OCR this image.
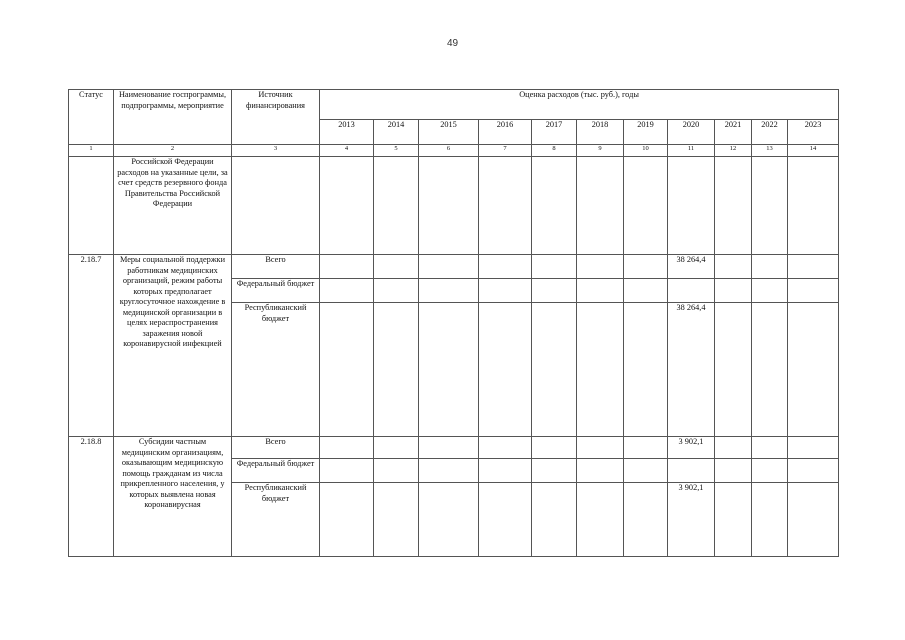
49
Статус	Наименование госпрограммы, подпрограммы, мероприятие	Источник финансирования	Оценка расходов (тыс. руб.), годы										
			2013	2014	2015	2016	2017	2018	2019	2020	2021	2022	2023
1	2	3	4	5	6	7	8	9	10	11	12	13	14
	Российской Федерации расходов на указанные цели, за счет средств резервного фонда Правительства Российской Федерации												
2.18.7	Меры социальной поддержки работникам медицинских организаций, режим работы которых предполагает круглосуточное нахождение в медицинской организации в целях нераспространения заражения новой коронавирусной инфекцией	Всего								38 264,4			
		Федеральный бюджет											
		Республиканский бюджет								38 264,4			
2.18.8	Субсидии частным медицинским организациям, оказывающим медицинскую помощь гражданам из числа прикрепленного населения, у которых выявлена новая коронавирусная	Всего								3 902,1			
		Федеральный бюджет											
		Республиканский бюджет								3 902,1			
